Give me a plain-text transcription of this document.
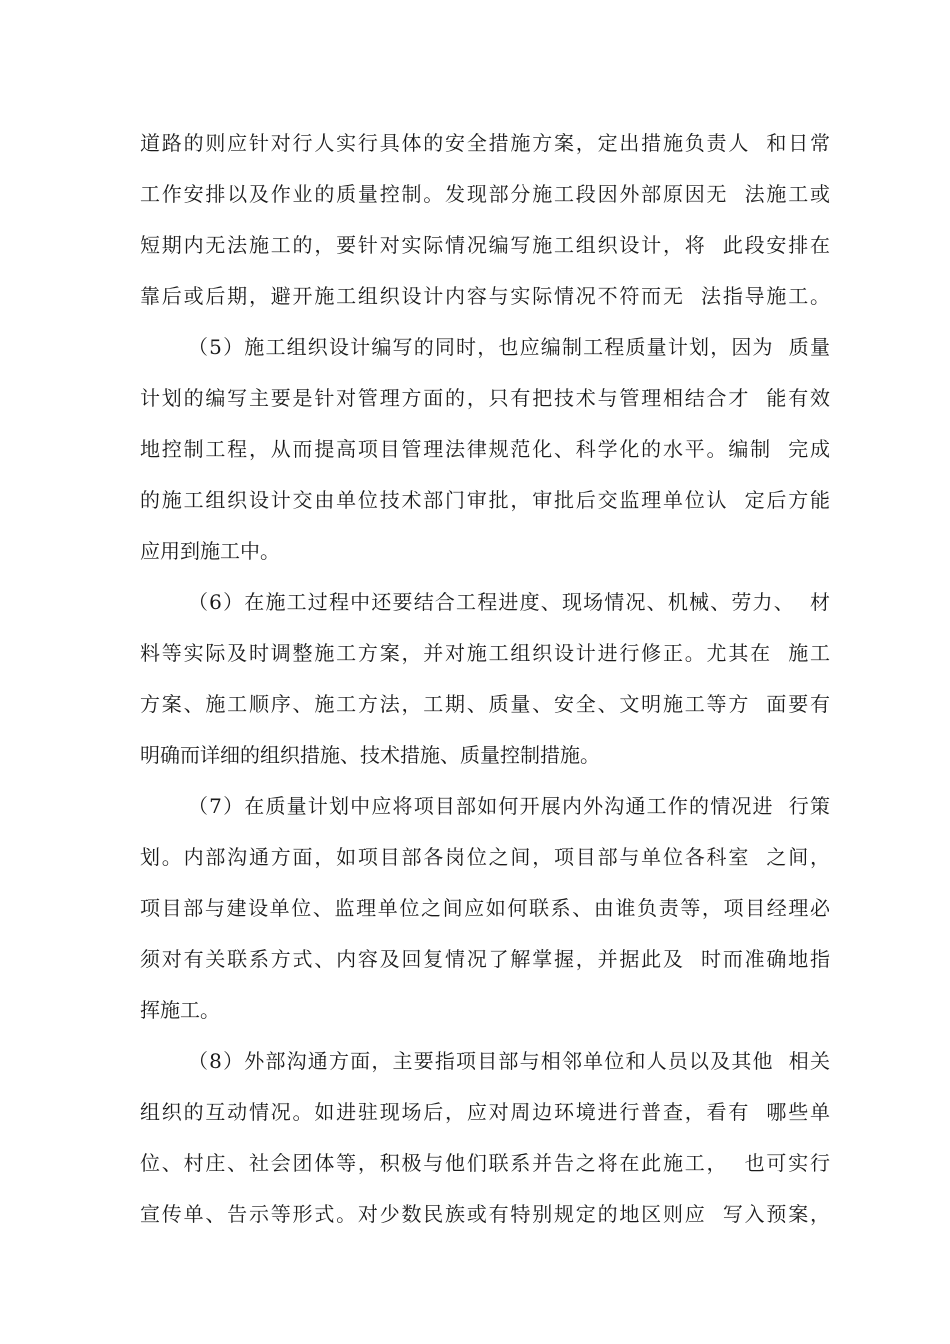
道路的则应针对行人实行具体的安全措施方案，定出措施负责人  和日常
工作安排以及作业的质量控制。发现部分施工段因外部原因无  法施工或
短期内无法施工的，要针对实际情况编写施工组织设计，将  此段安排在
靠后或后期，避开施工组织设计内容与实际情况不符而无  法指导施工。
（5）施工组织设计编写的同时，也应编制工程质量计划，因为  质量
计划的编写主要是针对管理方面的，只有把技术与管理相结合才  能有效
地控制工程，从而提高项目管理法律规范化、科学化的水平。编制  完成
的施工组织设计交由单位技术部门审批，审批后交监理单位认  定后方能
应用到施工中。
（6）在施工过程中还要结合工程进度、现场情况、机械、劳力、  材
料等实际及时调整施工方案，并对施工组织设计进行修正。尤其在  施工
方案、施工顺序、施工方法，工期、质量、安全、文明施工等方  面要有
明确而详细的组织措施、技术措施、质量控制措施。
（7）在质量计划中应将项目部如何开展内外沟通工作的情况进  行策
划。内部沟通方面，如项目部各岗位之间，项目部与单位各科室  之间，
项目部与建设单位、监理单位之间应如何联系、由谁负责等，项目经理必
须对有关联系方式、内容及回复情况了解掌握，并据此及  时而准确地指
挥施工。
（8）外部沟通方面，主要指项目部与相邻单位和人员以及其他  相关
组织的互动情况。如进驻现场后，应对周边环境进行普查，看有  哪些单
位、村庄、社会团体等，积极与他们联系并告之将在此施工，  也可实行
宣传单、告示等形式。对少数民族或有特别规定的地区则应  写入预案，
